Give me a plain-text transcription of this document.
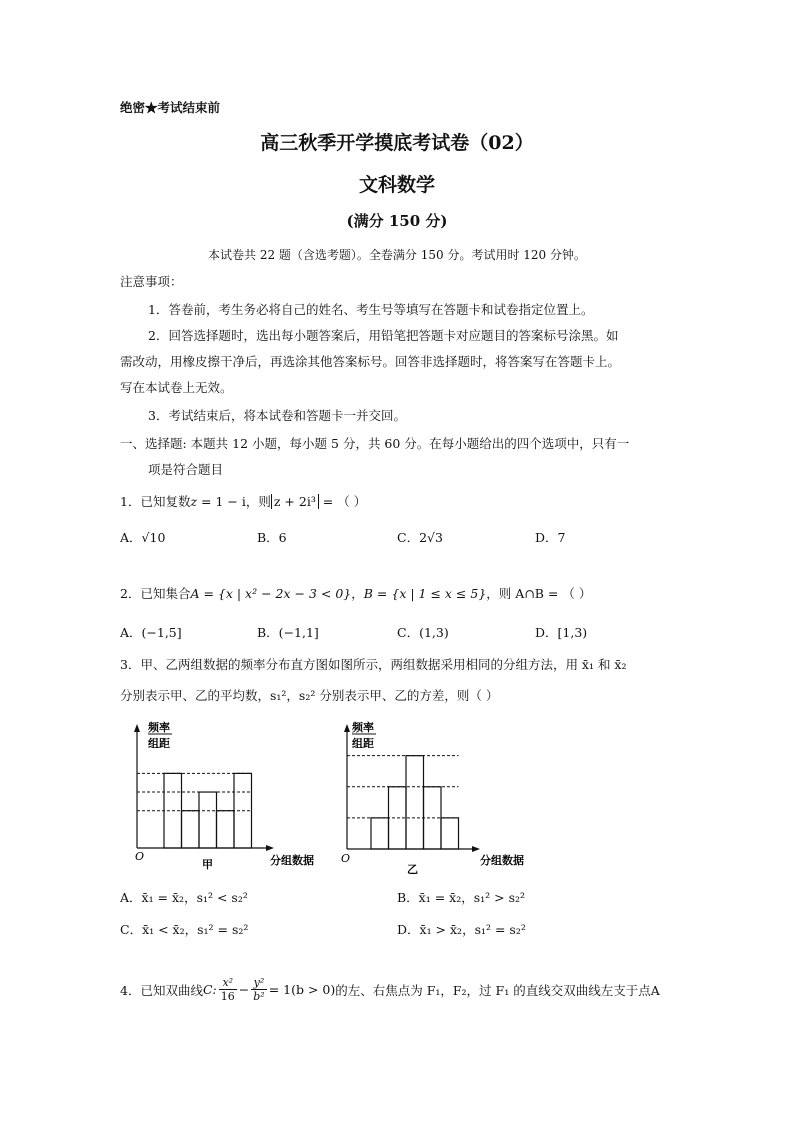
绝密★考试结束前
高三秋季开学摸底考试卷（02）
文科数学
(满分 150 分)
本试卷共 22 题（含选考题）。全卷满分 150 分。考试用时 120 分钟。
注意事项：
1．答卷前，考生务必将自己的姓名、考生号等填写在答题卡和试卷指定位置上。
2．回答选择题时，选出每小题答案后，用铅笔把答题卡对应题目的答案标号涂黑。如
需改动，用橡皮擦干净后，再选涂其他答案标号。回答非选择题时，将答案写在答题卡上。
写在本试卷上无效。
3．考试结束后，将本试卷和答题卡一并交回。
一、选择题: 本题共 12 小题，每小题 5 分，共 60 分。在每小题给出的四个选项中，只有一
项是符合题目
1．已知复数z = 1 − i，则 z + 2i³ = （ ）
A．√10	B．6	C．2√3	D．7
2．已知集合A = {x | x² − 2x − 3 < 0}，B = {x | 1 ≤ x ≤ 5}，则 A∩B = （ ）
A．(−1,5]	B．(−1,1]	C．(1,3)	D．[1,3)
3．甲、乙两组数据的频率分布直方图如图所示，两组数据采用相同的分组方法，用 x̄₁ 和 x̄₂
分别表示甲、乙的平均数，s₁²，s₂² 分别表示甲、乙的方差，则（ ）
频率
组距
O
甲	分组数据
频率
组距
O
乙
分组数据
A．x̄₁ = x̄₂，s₁² < s₂²	B．x̄₁ = x̄₂，s₁² > s₂²
C．x̄₁ < x̄₂，s₁² = s₂²	D．x̄₁ > x̄₂，s₁² = s₂²
4．已知双曲线 C: $\frac{\text{x²}}{16} - \frac{\text{y²}}{\text{b²}} = 1(b > 0)$ 的左、右焦点为 F₁，F₂，过 F₁ 的直线交双曲线左支于点A
